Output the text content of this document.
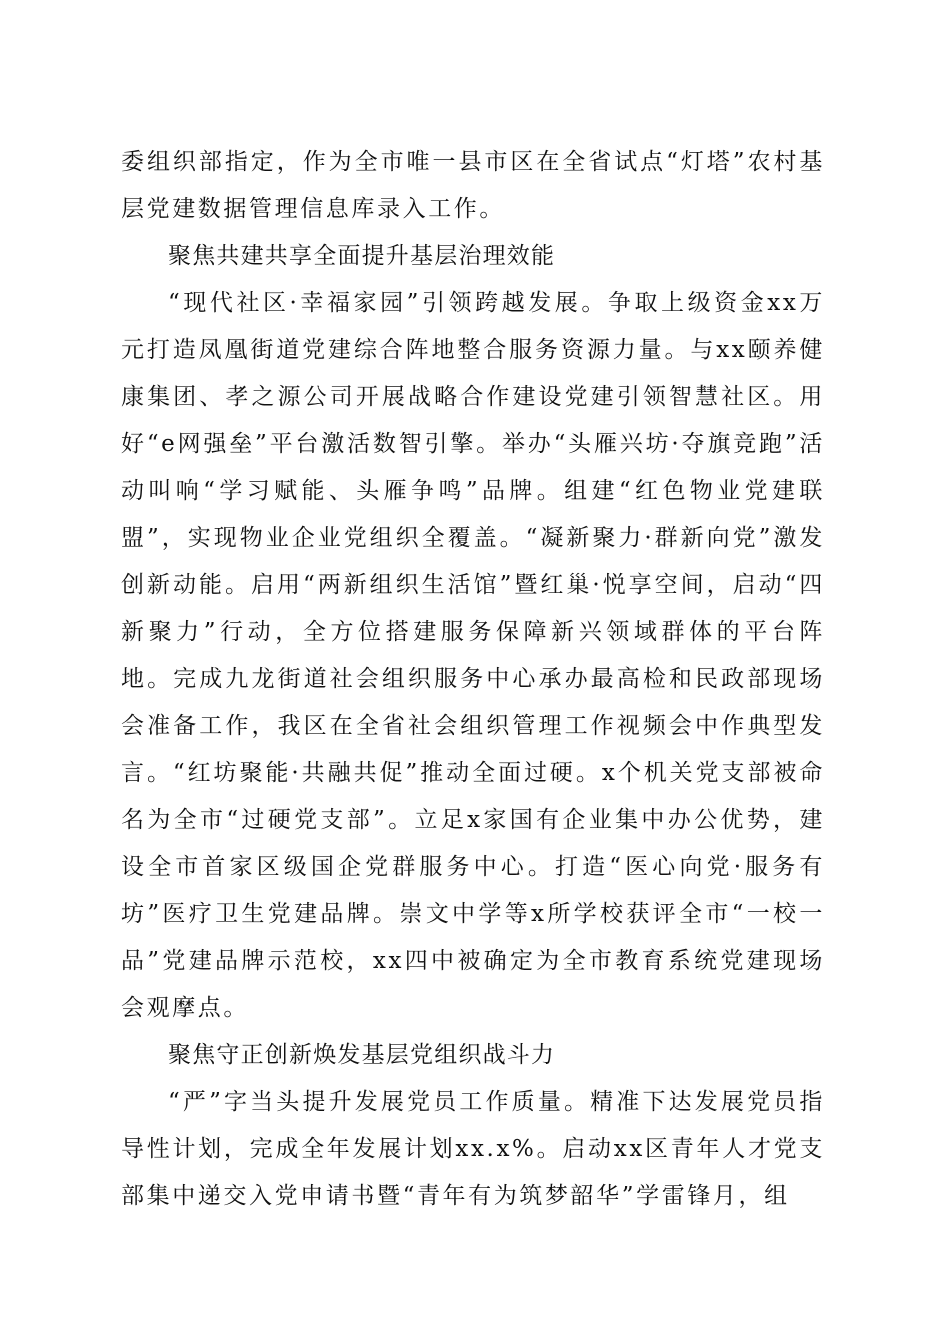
委组织部指定，作为全市唯一县市区在全省试点“灯塔”农村基层党建数据管理信息库录入工作。

聚焦共建共享全面提升基层治理效能

“现代社区·幸福家园”引领跨越发展。争取上级资金xx万元打造凤凰街道党建综合阵地整合服务资源力量。与xx颐养健康集团、孝之源公司开展战略合作建设党建引领智慧社区。用好“e网强垒”平台激活数智引擎。举办“头雁兴坊·夺旗竞跑”活动叫响“学习赋能、头雁争鸣”品牌。组建“红色物业党建联盟”，实现物业企业党组织全覆盖。“凝新聚力·群新向党”激发创新动能。启用“两新组织生活馆”暨红巢·悦享空间，启动“四新聚力”行动，全方位搭建服务保障新兴领域群体的平台阵地。完成九龙街道社会组织服务中心承办最高检和民政部现场会准备工作，我区在全省社会组织管理工作视频会中作典型发言。“红坊聚能·共融共促”推动全面过硬。x个机关党支部被命名为全市“过硬党支部”。立足x家国有企业集中办公优势，建设全市首家区级国企党群服务中心。打造“医心向党·服务有坊”医疗卫生党建品牌。崇文中学等x所学校获评全市“一校一品”党建品牌示范校，xx四中被确定为全市教育系统党建现场会观摩点。

聚焦守正创新焕发基层党组织战斗力

“严”字当头提升发展党员工作质量。精准下达发展党员指导性计划，完成全年发展计划xx.x%。启动xx区青年人才党支部集中递交入党申请书暨“青年有为筑梦韶华”学雷锋月，组
